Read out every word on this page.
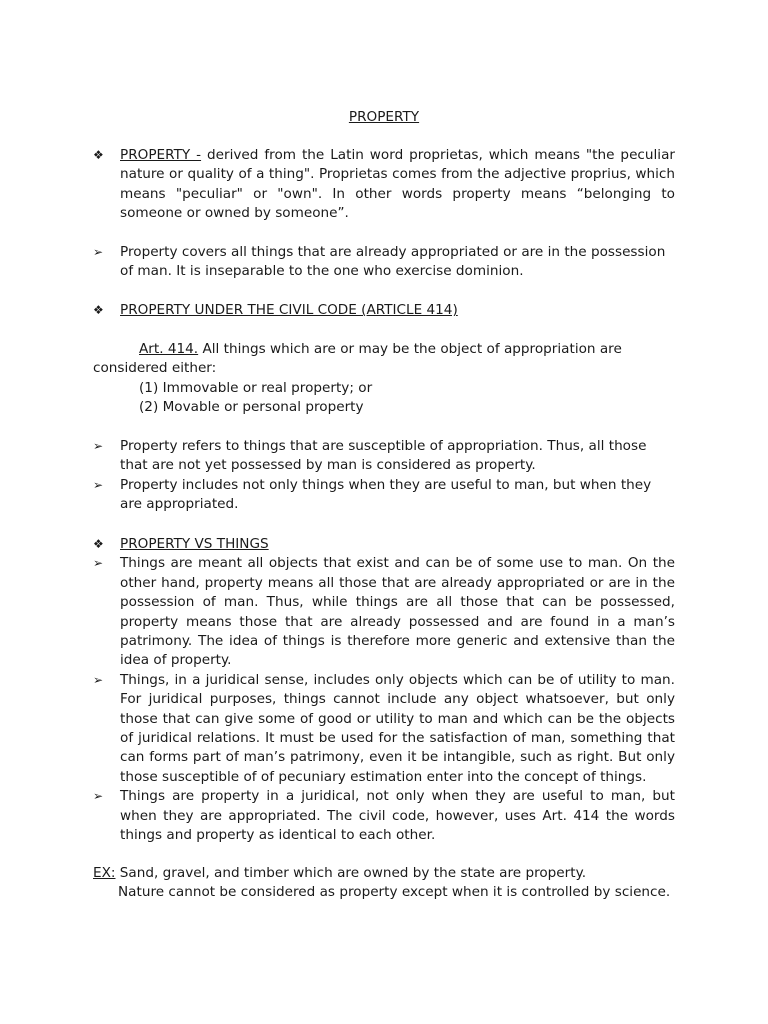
PROPERTY
❖	PROPERTY - derived from the Latin word proprietas, which means "the peculiar nature or quality of a thing". Proprietas comes from the adjective proprius, which means "peculiar" or "own". In other words property means “belonging to someone or owned by someone”.
➢	Property covers all things that are already appropriated or are in the possession of man. It is inseparable to the one who exercise dominion.
❖	PROPERTY UNDER THE CIVIL CODE (ARTICLE 414)
Art. 414. All things which are or may be the object of appropriation are considered either:
(1) Immovable or real property; or
(2) Movable or personal property
➢	Property refers to things that are susceptible of appropriation. Thus, all those that are not yet possessed by man is considered as property.
➢	Property includes not only things when they are useful to man, but when they are appropriated.
❖	PROPERTY VS THINGS
➢	Things are meant all objects that exist and can be of some use to man. On the other hand, property means all those that are already appropriated or are in the possession of man. Thus, while things are all those that can be possessed, property means those that are already possessed and are found in a man’s patrimony. The idea of things is therefore more generic and extensive than the idea of property.
➢	Things, in a juridical sense, includes only objects which can be of utility to man. For juridical purposes, things cannot include any object whatsoever, but only those that can give some of good or utility to man and which can be the objects of juridical relations. It must be used for the satisfaction of man, something that can forms part of man’s patrimony, even it be intangible, such as right. But only those susceptible of of pecuniary estimation enter into the concept of things.
➢	Things are property in a juridical, not only when they are useful to man, but when they are appropriated. The civil code, however, uses Art. 414 the words things and property as identical to each other.
EX: Sand, gravel, and timber which are owned by the state are property.
Nature cannot be considered as property except when it is controlled by science.
